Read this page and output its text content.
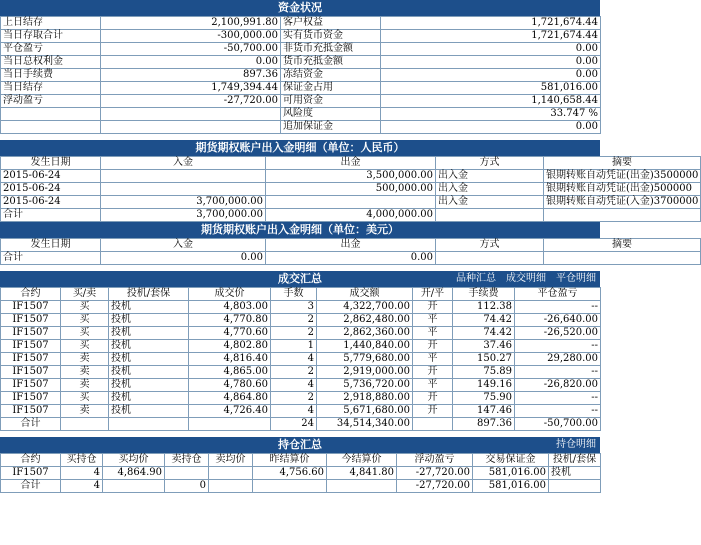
资金状况
上日结存	2,100,991.80	客户权益	1,721,674.44
当日存取合计	-300,000.00	实有货币资金	1,721,674.44
平仓盈亏	-50,700.00	非货币充抵金额	0.00
当日总权利金	0.00	货币充抵金额	0.00
当日手续费	897.36	冻结资金	0.00
当日结存	1,749,394.44	保证金占用	581,016.00
浮动盈亏	-27,720.00	可用资金	1,140,658.44
		风险度	33.747 %
		追加保证金	0.00
期货期权账户出入金明细（单位：人民币）
发生日期	入金	出金	方式	摘要
2015-06-24		3,500,000.00	出入金	银期转账自动凭证(出金)3500000
2015-06-24		500,000.00	出入金	银期转账自动凭证(出金)500000
2015-06-24	3,700,000.00		出入金	银期转账自动凭证(入金)3700000
合计	3,700,000.00	4,000,000.00		
期货期权账户出入金明细（单位：美元）
发生日期	入金	出金	方式	摘要
合计	0.00	0.00		
成交汇总	品种汇总 成交明细 平仓明细
合约	买/卖	投机/套保	成交价	手数	成交额	开/平	手续费	平仓盈亏
IF1507	买	投机	4,803.00	3	4,322,700.00	开	112.38	--
IF1507	买	投机	4,770.80	2	2,862,480.00	平	74.42	-26,640.00
IF1507	买	投机	4,770.60	2	2,862,360.00	平	74.42	-26,520.00
IF1507	买	投机	4,802.80	1	1,440,840.00	开	37.46	--
IF1507	卖	投机	4,816.40	4	5,779,680.00	平	150.27	29,280.00
IF1507	卖	投机	4,865.00	2	2,919,000.00	开	75.89	--
IF1507	卖	投机	4,780.60	4	5,736,720.00	平	149.16	-26,820.00
IF1507	买	投机	4,864.80	2	2,918,880.00	开	75.90	--
IF1507	卖	投机	4,726.40	4	5,671,680.00	开	147.46	--
合计				24	34,514,340.00		897.36	-50,700.00
持仓汇总	持仓明细
合约	买持仓	买均价	卖持仓	卖均价	昨结算价	今结算价	浮动盈亏	交易保证金	投机/套保
IF1507	4	4,864.90			4,756.60	4,841.80	-27,720.00	581,016.00	投机
合计	4		0				-27,720.00	581,016.00	
